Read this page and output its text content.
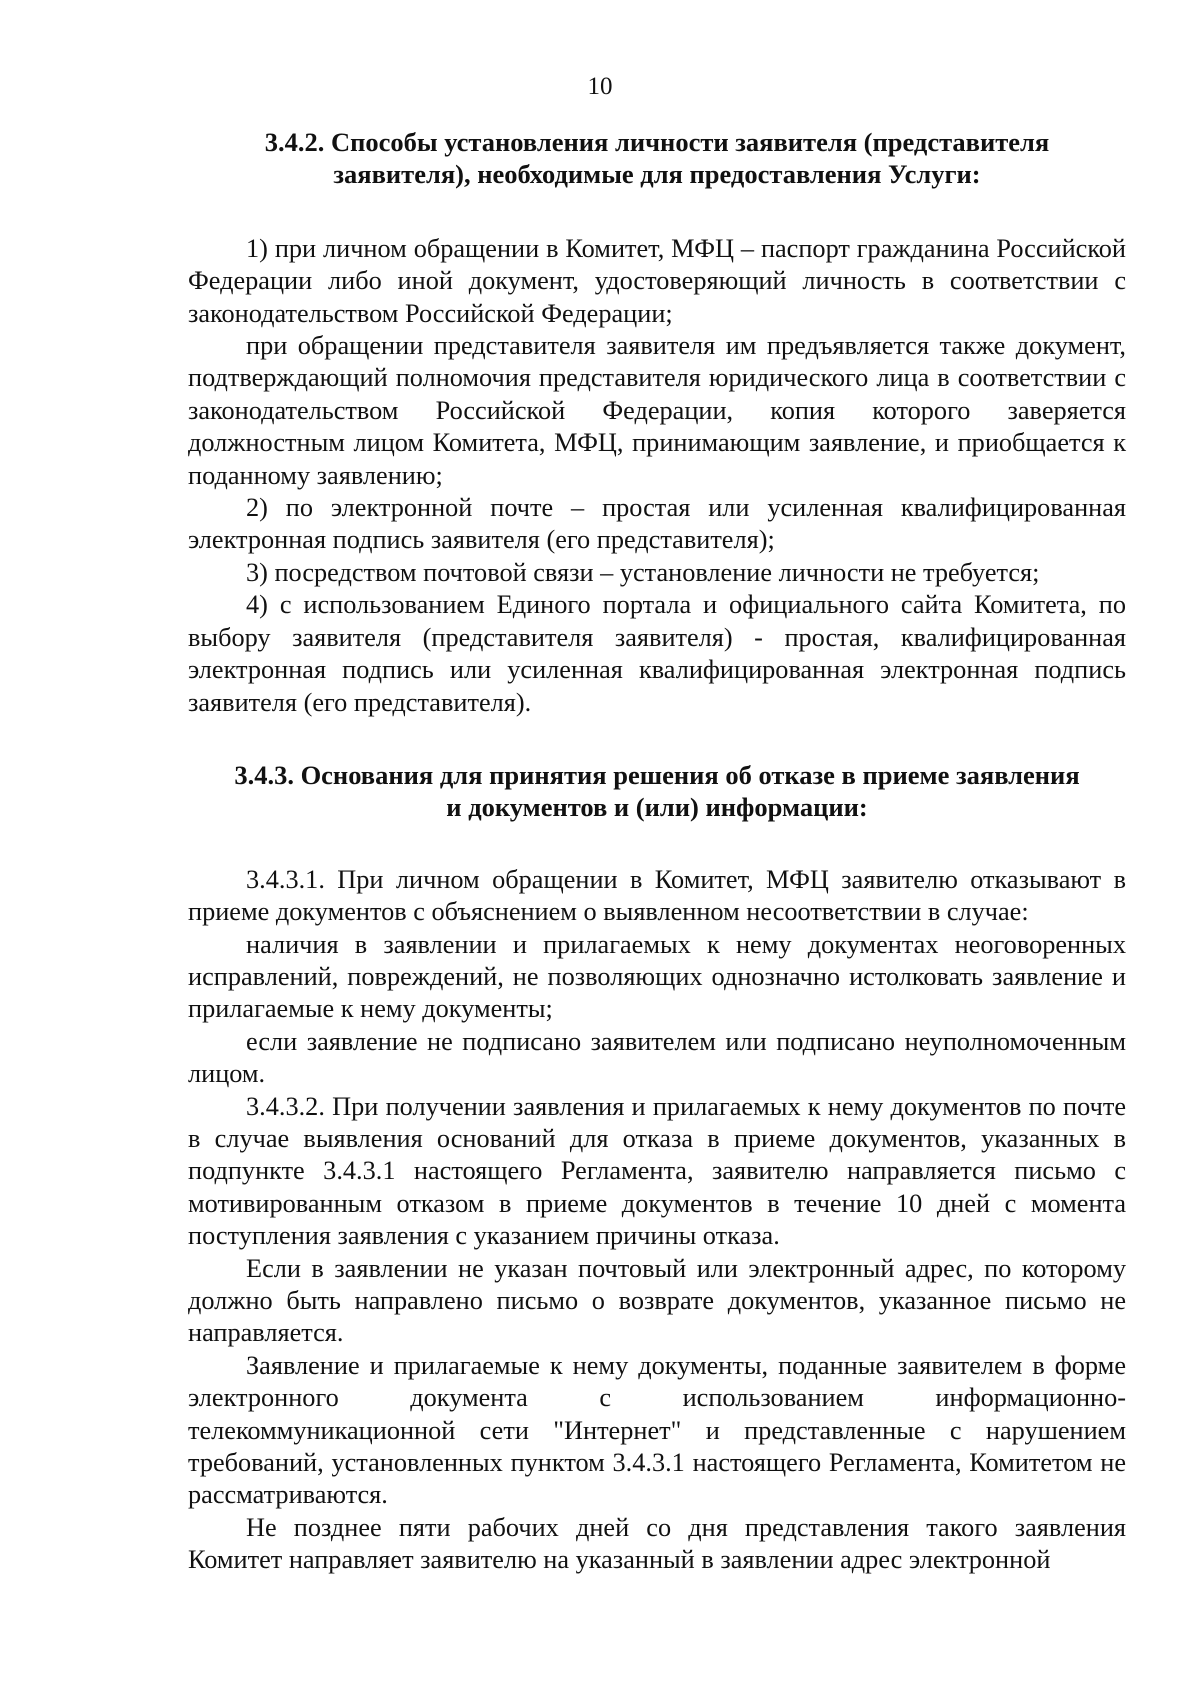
10
3.4.2. Способы установления личности заявителя (представителя
заявителя), необходимые для предоставления Услуги:

1) при личном обращении в Комитет, МФЦ – паспорт гражданина Российской Федерации либо иной документ, удостоверяющий личность в соответствии с законодательством Российской Федерации;

при обращении представителя заявителя им предъявляется также документ, подтверждающий полномочия представителя юридического лица в соответствии с законодательством Российской Федерации, копия которого заверяется должностным лицом Комитета, МФЦ, принимающим заявление, и приобщается к поданному заявлению;

2) по электронной почте – простая или усиленная квалифицированная электронная подпись заявителя (его представителя);

3) посредством почтовой связи – установление личности не требуется;

4) с использованием Единого портала и официального сайта Комитета, по выбору заявителя (представителя заявителя) - простая, квалифицированная электронная подпись или усиленная квалифицированная электронная подпись заявителя (его представителя).

3.4.3. Основания для принятия решения об отказе в приеме заявления
и документов и (или) информации:

3.4.3.1. При личном обращении в Комитет, МФЦ заявителю отказывают в приеме документов с объяснением о выявленном несоответствии в случае:

наличия в заявлении и прилагаемых к нему документах неоговоренных исправлений, повреждений, не позволяющих однозначно истолковать заявление и прилагаемые к нему документы;

если заявление не подписано заявителем или подписано неуполномоченным лицом.

3.4.3.2. При получении заявления и прилагаемых к нему документов по почте в случае выявления оснований для отказа в приеме документов, указанных в подпункте 3.4.3.1 настоящего Регламента, заявителю направляется письмо с мотивированным отказом в приеме документов в течение 10 дней с момента поступления заявления с указанием причины отказа.

Если в заявлении не указан почтовый или электронный адрес, по которому должно быть направлено письмо о возврате документов, указанное письмо не направляется.

Заявление и прилагаемые к нему документы, поданные заявителем в форме электронного документа с использованием информационно-телекоммуникационной сети "Интернет" и представленные с нарушением требований, установленных пунктом 3.4.3.1 настоящего Регламента, Комитетом не рассматриваются.

Не позднее пяти рабочих дней со дня представления такого заявления Комитет направляет заявителю на указанный в заявлении адрес электронной
